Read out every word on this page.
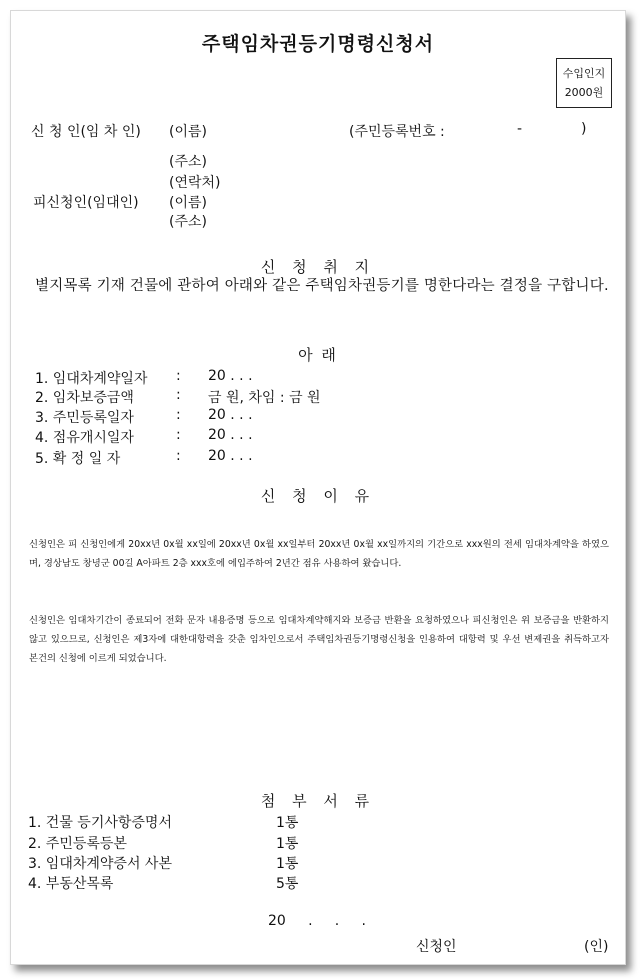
주택임차권등기명령신청서
수입인지
2000원
신 청 인(임 차 인) (이름)	(주민등록번호 :	-	)
(주소)
(연락처)
피신청인(임대인) (이름)
(주소)
신 청 취 지
별지목록 기재 건물에 관하여 아래와 같은 주택임차권등기를 명한다라는 결정을 구합니다.
아 래
1. 임대차계약일자 : 20 . . .
2. 임차보증금액	: 금 원, 차임 : 금 원
3. 주민등록일자	: 20 . . .
4. 점유개시일자	: 20 . . .
5. 확 정 일 자	: 20 . . .
신 청 이 유
신청인은 피 신청인에게 20xx년 0x월 xx일에 20xx년 0x월 xx일부터 20xx년 0x월 xx일까지의 기간으로 xxx원의 전세 임대차계약을 하였으며, 경상남도 창녕군 00길 A아파트 2층 xxx호에 에입주하여 2년간 점유 사용하여 왔습니다.
신청인은 임대차기간이 종료되어 전화 문자 내용증명 등으로 임대차계약해지와 보증금 반환을 요청하였으나 피신청인은 위 보증금을 반환하지 않고 있으므로, 신청인은 제3자에 대한대항력을 갖춘 임차인으로서 주택임차권등기명령신청을 인용하여 대항력 및 우선 변제권을 취득하고자 본건의 신청에 이르게 되었습니다.
첨 부 서 류
1. 건물 등기사항증명서	1통
2. 주민등록등본	1통
3. 임대차계약증서 사본	1통
4. 부동산목록	5통
20     .     .     .
신청인	(인)
